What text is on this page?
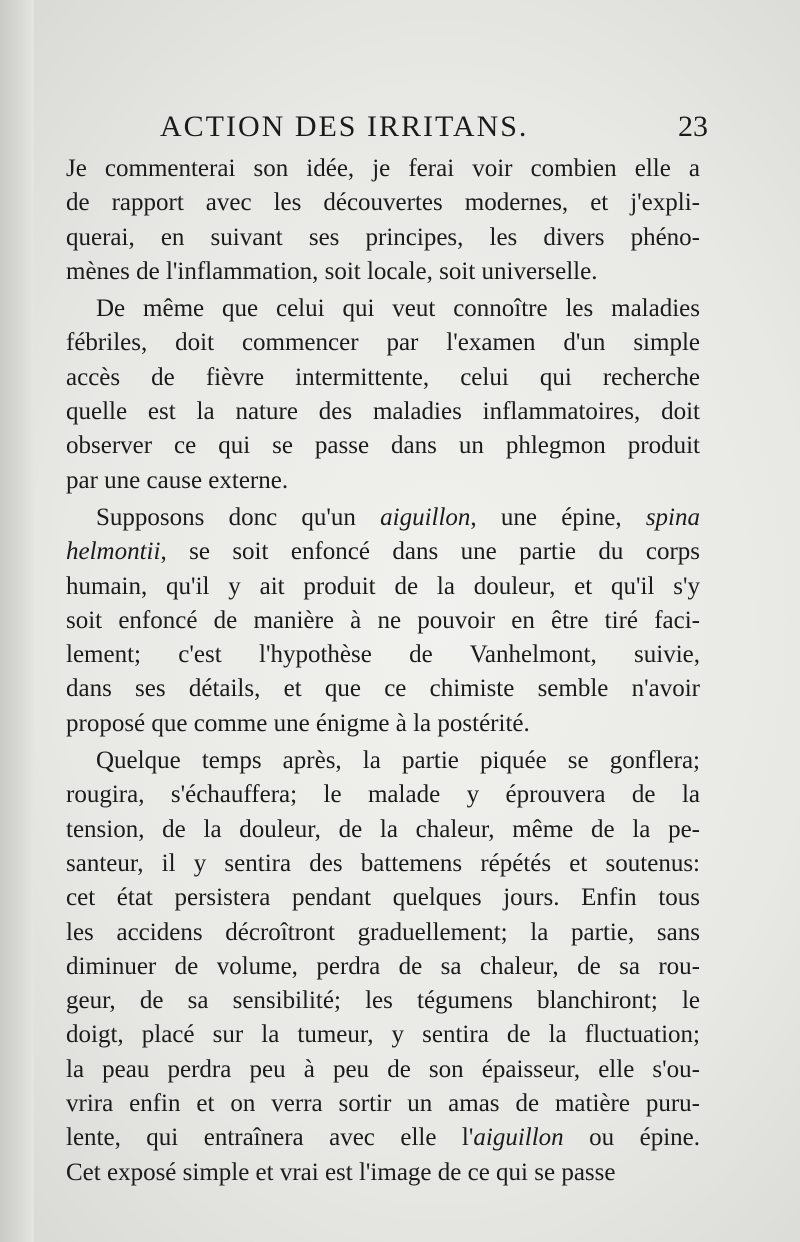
ACTION DES IRRITANS.	23
Je commenterai son idée, je ferai voir combien elle a
de rapport avec les découvertes modernes, et j'expli-
querai, en suivant ses principes, les divers phéno-
mènes de l'inflammation, soit locale, soit universelle.
De même que celui qui veut connoître les maladies
fébriles, doit commencer par l'examen d'un simple
accès de fièvre intermittente, celui qui recherche
quelle est la nature des maladies inflammatoires, doit
observer ce qui se passe dans un phlegmon produit
par une cause externe.
Supposons donc qu'un aiguillon, une épine, spina
helmontii, se soit enfoncé dans une partie du corps
humain, qu'il y ait produit de la douleur, et qu'il s'y
soit enfoncé de manière à ne pouvoir en être tiré faci-
lement; c'est l'hypothèse de Vanhelmont, suivie,
dans ses détails, et que ce chimiste semble n'avoir
proposé que comme une énigme à la postérité.
Quelque temps après, la partie piquée se gonflera;
rougira, s'échauffera; le malade y éprouvera de la
tension, de la douleur, de la chaleur, même de la pe-
santeur, il y sentira des battemens répétés et soutenus:
cet état persistera pendant quelques jours. Enfin tous
les accidens décroîtront graduellement; la partie, sans
diminuer de volume, perdra de sa chaleur, de sa rou-
geur, de sa sensibilité; les tégumens blanchiront; le
doigt, placé sur la tumeur, y sentira de la fluctuation;
la peau perdra peu à peu de son épaisseur, elle s'ou-
vrira enfin et on verra sortir un amas de matière puru-
lente, qui entraînera avec elle l'aiguillon ou épine.
Cet exposé simple et vrai est l'image de ce qui se passe
